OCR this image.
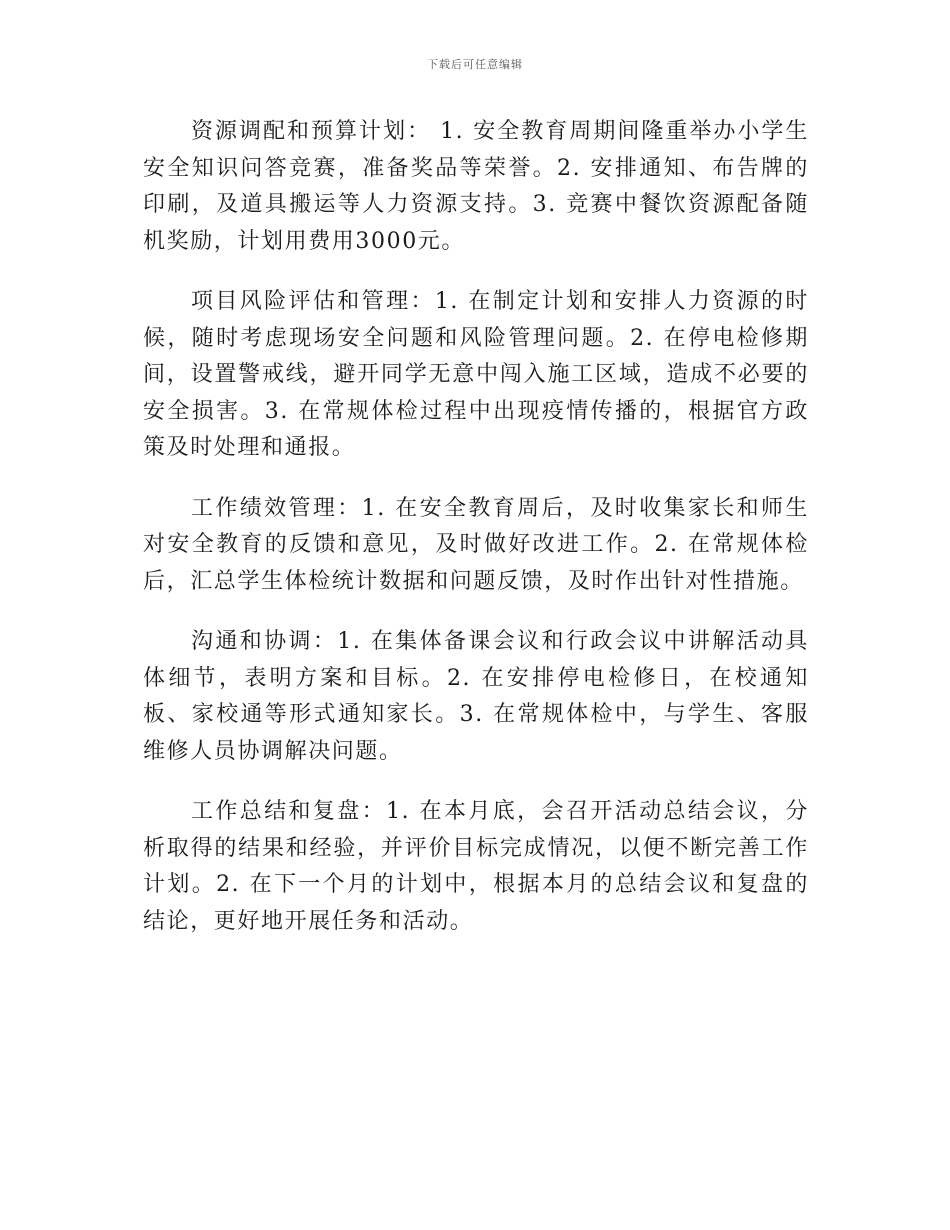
下载后可任意编辑

资源调配和预算计划： 1. 安全教育周期间隆重举办小学生安全知识问答竞赛，准备奖品等荣誉。2. 安排通知、布告牌的印刷，及道具搬运等人力资源支持。3. 竞赛中餐饮资源配备随机奖励，计划用费用3000元。

项目风险评估和管理：1. 在制定计划和安排人力资源的时候，随时考虑现场安全问题和风险管理问题。2. 在停电检修期间，设置警戒线，避开同学无意中闯入施工区域，造成不必要的安全损害。3. 在常规体检过程中出现疫情传播的，根据官方政策及时处理和通报。

工作绩效管理：1. 在安全教育周后，及时收集家长和师生对安全教育的反馈和意见，及时做好改进工作。2. 在常规体检后，汇总学生体检统计数据和问题反馈，及时作出针对性措施。

沟通和协调：1. 在集体备课会议和行政会议中讲解活动具体细节，表明方案和目标。2. 在安排停电检修日，在校通知板、家校通等形式通知家长。3. 在常规体检中，与学生、客服维修人员协调解决问题。

工作总结和复盘：1. 在本月底，会召开活动总结会议，分析取得的结果和经验，并评价目标完成情况，以便不断完善工作计划。2. 在下一个月的计划中，根据本月的总结会议和复盘的结论，更好地开展任务和活动。
